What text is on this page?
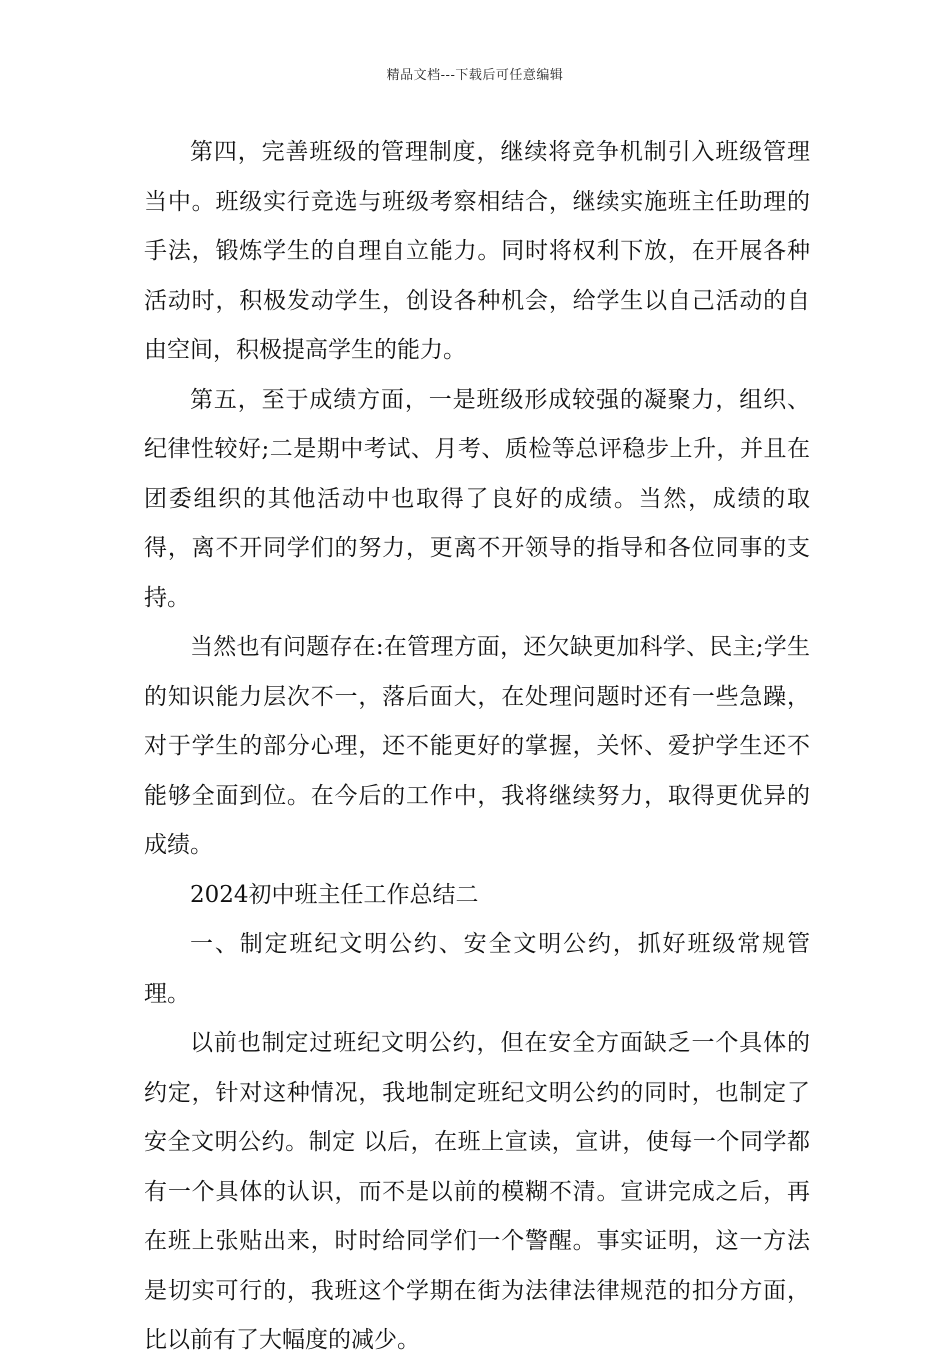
精品文档---下载后可任意编辑

第四，完善班级的管理制度，继续将竞争机制引入班级管理当中。班级实行竞选与班级考察相结合，继续实施班主任助理的手法，锻炼学生的自理自立能力。同时将权利下放，在开展各种活动时，积极发动学生，创设各种机会，给学生以自己活动的自由空间，积极提高学生的能力。

第五，至于成绩方面，一是班级形成较强的凝聚力，组织、纪律性较好;二是期中考试、月考、质检等总评稳步上升，并且在团委组织的其他活动中也取得了良好的成绩。当然，成绩的取得，离不开同学们的努力，更离不开领导的指导和各位同事的支持。

当然也有问题存在:在管理方面，还欠缺更加科学、民主;学生的知识能力层次不一，落后面大，在处理问题时还有一些急躁，对于学生的部分心理，还不能更好的掌握，关怀、爱护学生还不能够全面到位。在今后的工作中，我将继续努力，取得更优异的成绩。

2024初中班主任工作总结二

一、制定班纪文明公约、安全文明公约，抓好班级常规管理。

以前也制定过班纪文明公约，但在安全方面缺乏一个具体的约定，针对这种情况，我地制定班纪文明公约的同时，也制定了安全文明公约。制定 以后，在班上宣读，宣讲，使每一个同学都有一个具体的认识，而不是以前的模糊不清。宣讲完成之后，再在班上张贴出来，时时给同学们一个警醒。事实证明，这一方法是切实可行的，我班这个学期在街为法律法律规范的扣分方面，比以前有了大幅度的减少。
